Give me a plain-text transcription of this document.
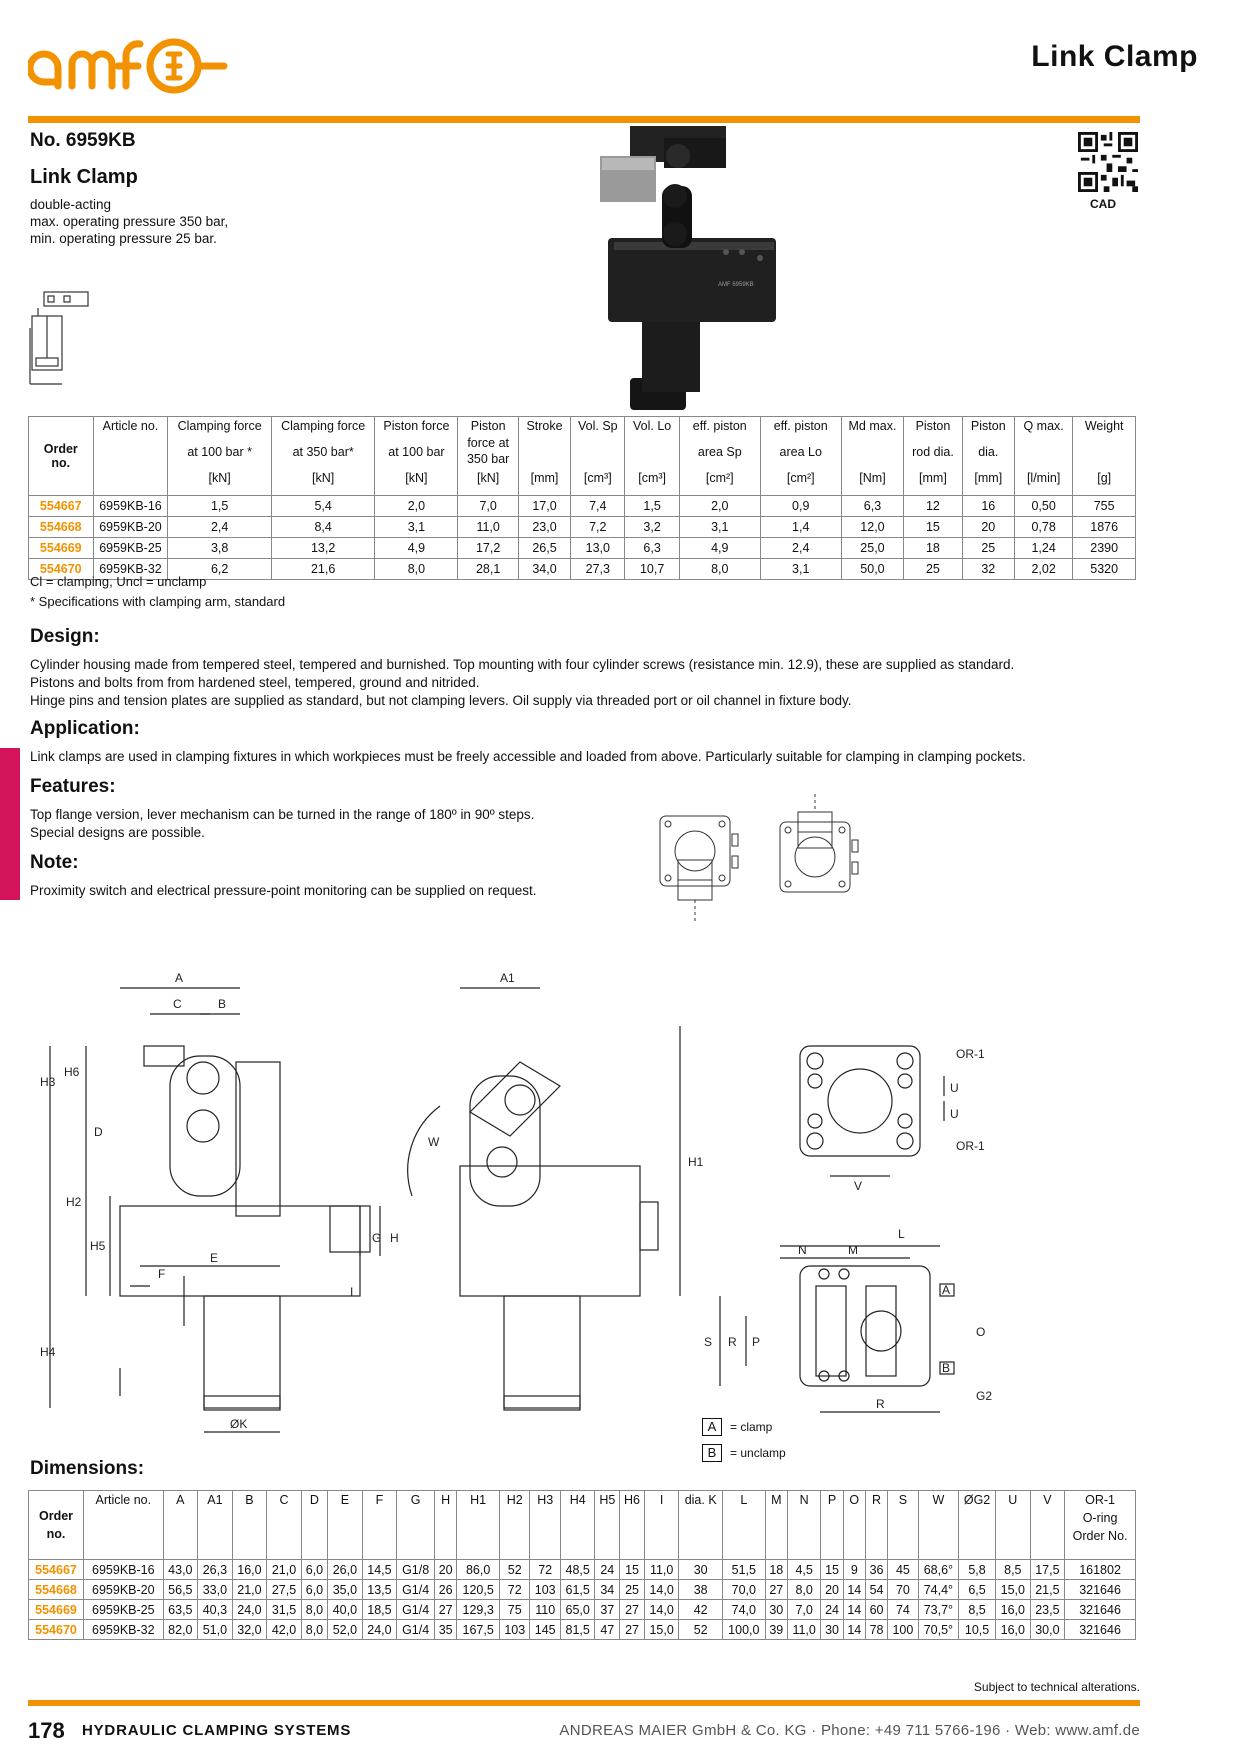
Link Clamp
No. 6959KB
Link Clamp
double-acting
max. operating pressure 350 bar,
min. operating pressure 25 bar.
CAD
AMF 6959KB
Order
no.	Article no.	Clamping force
at 100 bar *
[kN]	Clamping force
at 350 bar*
[kN]	Piston force
at 100 bar
[kN]	Piston
force at 350 bar
[kN]	Stroke
[mm]	Vol. Sp
[cm³]	Vol. Lo
[cm³]	eff. piston
area Sp
[cm²]	eff. piston
area Lo
[cm²]	Md max.
[Nm]	Piston
rod dia.
[mm]	Piston
dia.
[mm]	Q max.
[l/min]	Weight
[g]

554667	6959KB-16	1,5	5,4	2,0	7,0	17,0	7,4	1,5	2,0	0,9	6,3	12	16	0,50	755
554668	6959KB-20	2,4	8,4	3,1	11,0	23,0	7,2	3,2	3,1	1,4	12,0	15	20	0,78	1876
554669	6959KB-25	3,8	13,2	4,9	17,2	26,5	13,0	6,3	4,9	2,4	25,0	18	25	1,24	2390
554670	6959KB-32	6,2	21,6	8,0	28,1	34,0	27,3	10,7	8,0	3,1	50,0	25	32	2,02	5320
Cl = clamping, Uncl = unclamp
* Specifications with clamping arm, standard
Design:
Cylinder housing made from tempered steel, tempered and burnished. Top mounting with four cylinder screws (resistance min. 12.9), these are supplied as standard.
Pistons and bolts from from hardened steel, tempered, ground and nitrided.
Hinge pins and tension plates are supplied as standard, but not clamping levers. Oil supply via threaded port or oil channel in fixture body.
Application:
Link clamps are used in clamping fixtures in which workpieces must be freely accessible and loaded from above. Particularly suitable for clamping in clamping pockets.
Features:
Top flange version, lever mechanism can be turned in the range of 180º in 90º steps.
Special designs are possible.
Note:
Proximity switch and electrical pressure-point monitoring can be supplied on request.
A
C	B
H3
H4
H6
H2
H5
D
E
F
G H
I
ØK
A1
H1
W
OR-1
OR-1
U
U
V
L
N	M
S R P
R
O
G2
A
B
A = clamp
B = unclamp
Dimensions:
Order
no.	Article no.	A	A1	B	C	D	E	F	G	H	H1	H2	H3	H4	H5	H6	I	dia. K	L	M	N	P	O	R	S	W	ØG2	U	V	OR-1
O-ring
Order No.
554667	6959KB-16	43,0	26,3	16,0	21,0	6,0	26,0	14,5	G1/8	20	86,0	52	72	48,5	24	15	11,0	30	51,5	18	4,5	15	9	36	45	68,6°	5,8	8,5	17,5	161802
554668	6959KB-20	56,5	33,0	21,0	27,5	6,0	35,0	13,5	G1/4	26	120,5	72	103	61,5	34	25	14,0	38	70,0	27	8,0	20	14	54	70	74,4°	6,5	15,0	21,5	321646
554669	6959KB-25	63,5	40,3	24,0	31,5	8,0	40,0	18,5	G1/4	27	129,3	75	110	65,0	37	27	14,0	42	74,0	30	7,0	24	14	60	74	73,7°	8,5	16,0	23,5	321646
554670	6959KB-32	82,0	51,0	32,0	42,0	8,0	52,0	24,0	G1/4	35	167,5	103	145	81,5	47	27	15,0	52	100,0	39	11,0	30	14	78	100	70,5°	10,5	16,0	30,0	321646
Subject to technical alterations.
178 HYDRAULIC CLAMPING SYSTEMS	ANDREAS MAIER GmbH & Co. KG · Phone: +49 711 5766-196 · Web: www.amf.de
